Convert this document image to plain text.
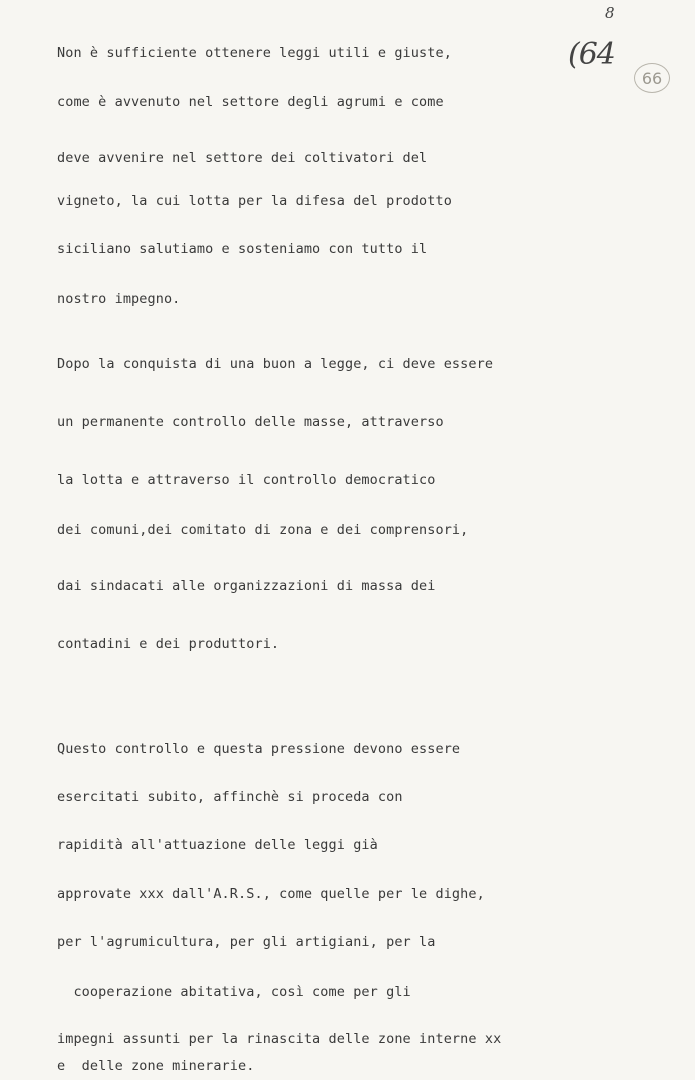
8
(64
66
Non è sufficiente ottenere leggi utili e giuste,
come è avvenuto nel settore degli agrumi e come
deve avvenire nel settore dei coltivatori del
vigneto, la cui lotta per la difesa del prodotto
siciliano salutiamo e sosteniamo con tutto il
nostro impegno.
Dopo la conquista di una buon a legge, ci deve essere
un permanente controllo delle masse, attraverso
la lotta e attraverso il controllo democratico
dei comuni,dei comitato di zona e dei comprensori,
dai sindacati alle organizzazioni di massa dei
contadini e dei produttori.
Questo controllo e questa pressione devono essere
esercitati subito, affinchè si proceda con
rapidità all'attuazione delle leggi già
approvate xxx dall'A.R.S., come quelle per le dighe,
per l'agrumicultura, per gli artigiani, per la
cooperazione abitativa, così come per gli
impegni assunti per la rinascita delle zone interne xx
e  delle zone minerarie.
